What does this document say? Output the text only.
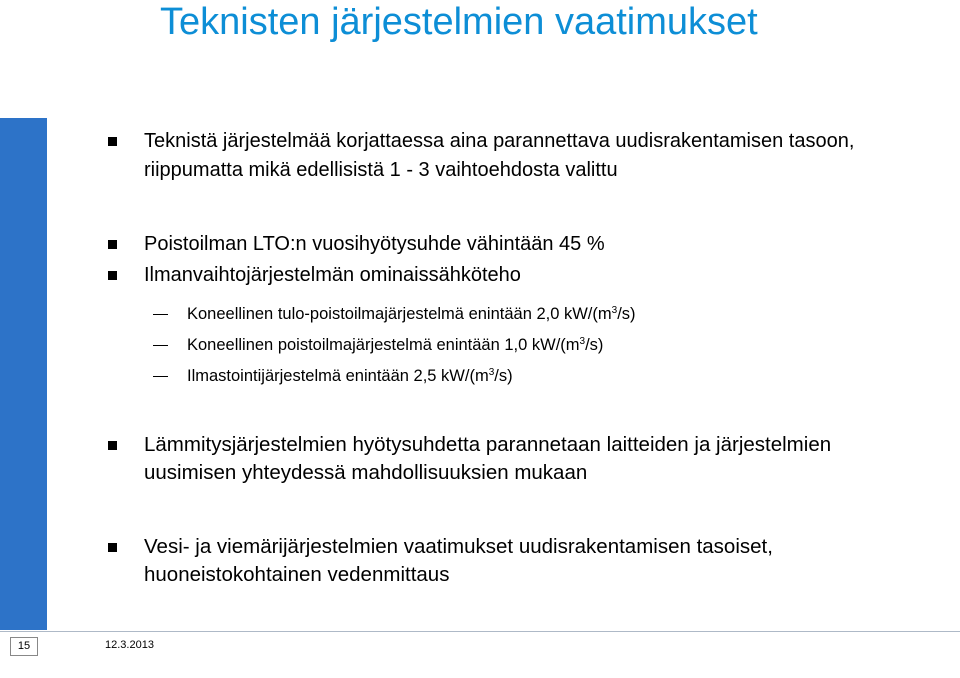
Teknisten järjestelmien vaatimukset

Teknistä järjestelmää korjattaessa aina parannettava uudisrakentamisen tasoon,

riippumatta mikä edellisistä 1 - 3 vaihtoehdosta valittu

Poistoilman LTO:n vuosihyötysuhde vähintään 45 %

Ilmanvaihtojärjestelmän ominaissähköteho

Koneellinen tulo-poistoilmajärjestelmä enintään 2,0 $kW/(m^3/s)$

Koneellinen poistoilmajärjestelmä enintään 1,0 $kW/(m^3/s)$

Ilmastointijärjestelmä enintään 2,5 $kW/(m^3/s)$

Lämmitysjärjestelmien hyötysuhdetta parannetaan laitteiden ja järjestelmien

uusimisen yhteydessä mahdollisuuksien mukaan

Vesi- ja viemärijärjestelmien vaatimukset uudisrakentamisen tasoiset,

huoneistokohtainen vedenmittaus

15	12.3.2013
